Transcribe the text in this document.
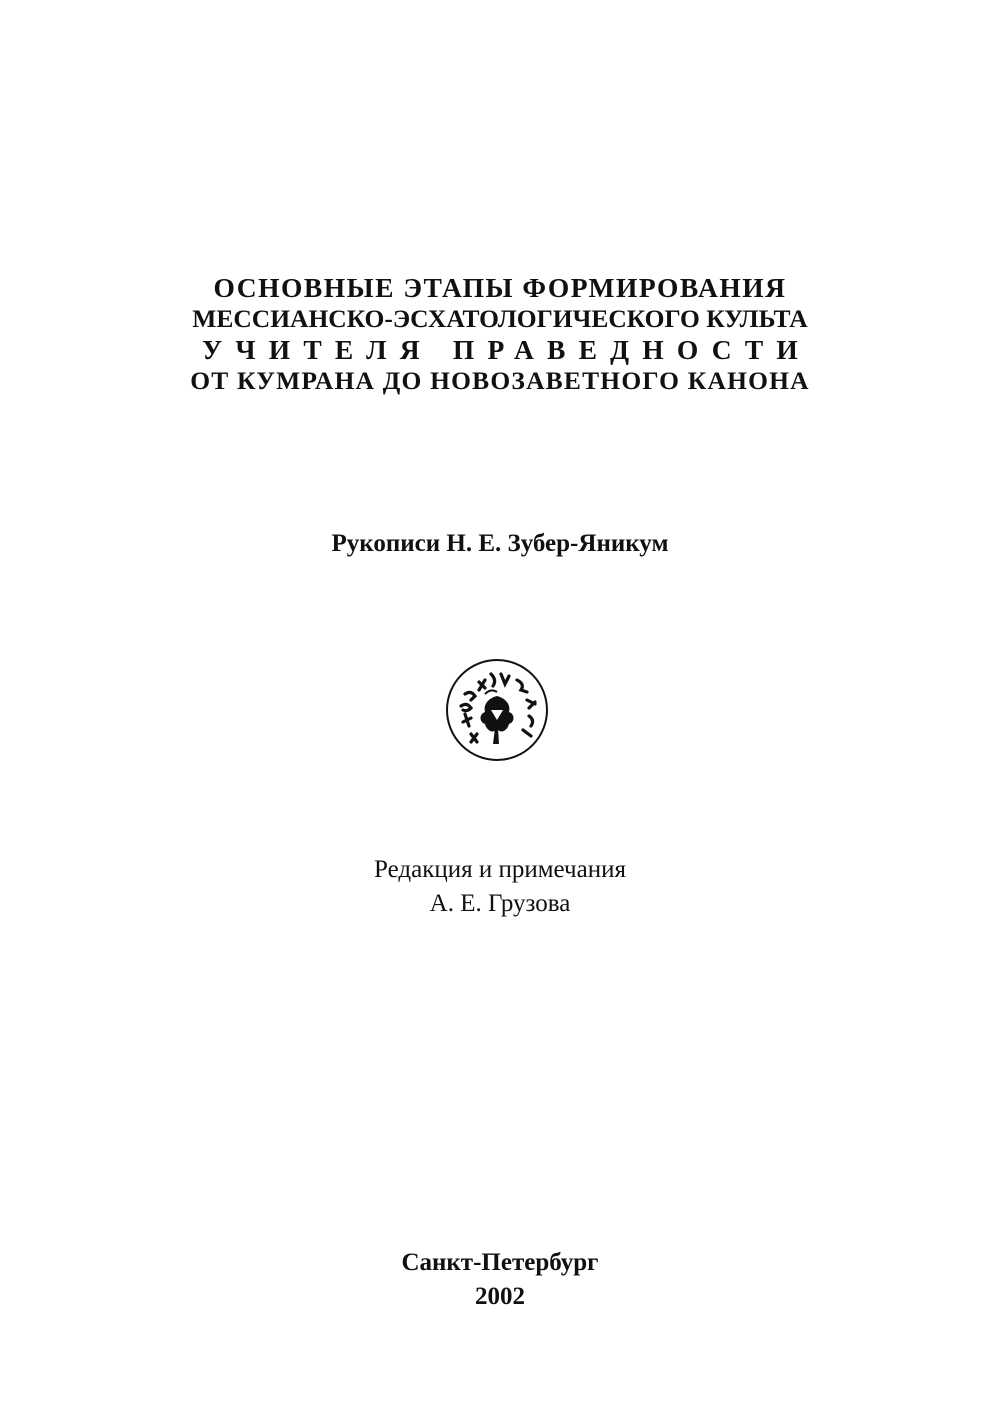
ОСНОВНЫЕ ЭТАПЫ ФОРМИРОВАНИЯ
МЕССИАНСКО-ЭСХАТОЛОГИЧЕСКОГО КУЛЬТА
УЧИТЕЛЯ ПРАВЕДНОСТИ
ОТ КУМРАНА ДО НОВОЗАВЕТНОГО КАНОНА
Рукописи Н. Е. Зубер-Яникум
Редакция и примечания
А. Е. Грузова
Санкт-Петербург
2002
